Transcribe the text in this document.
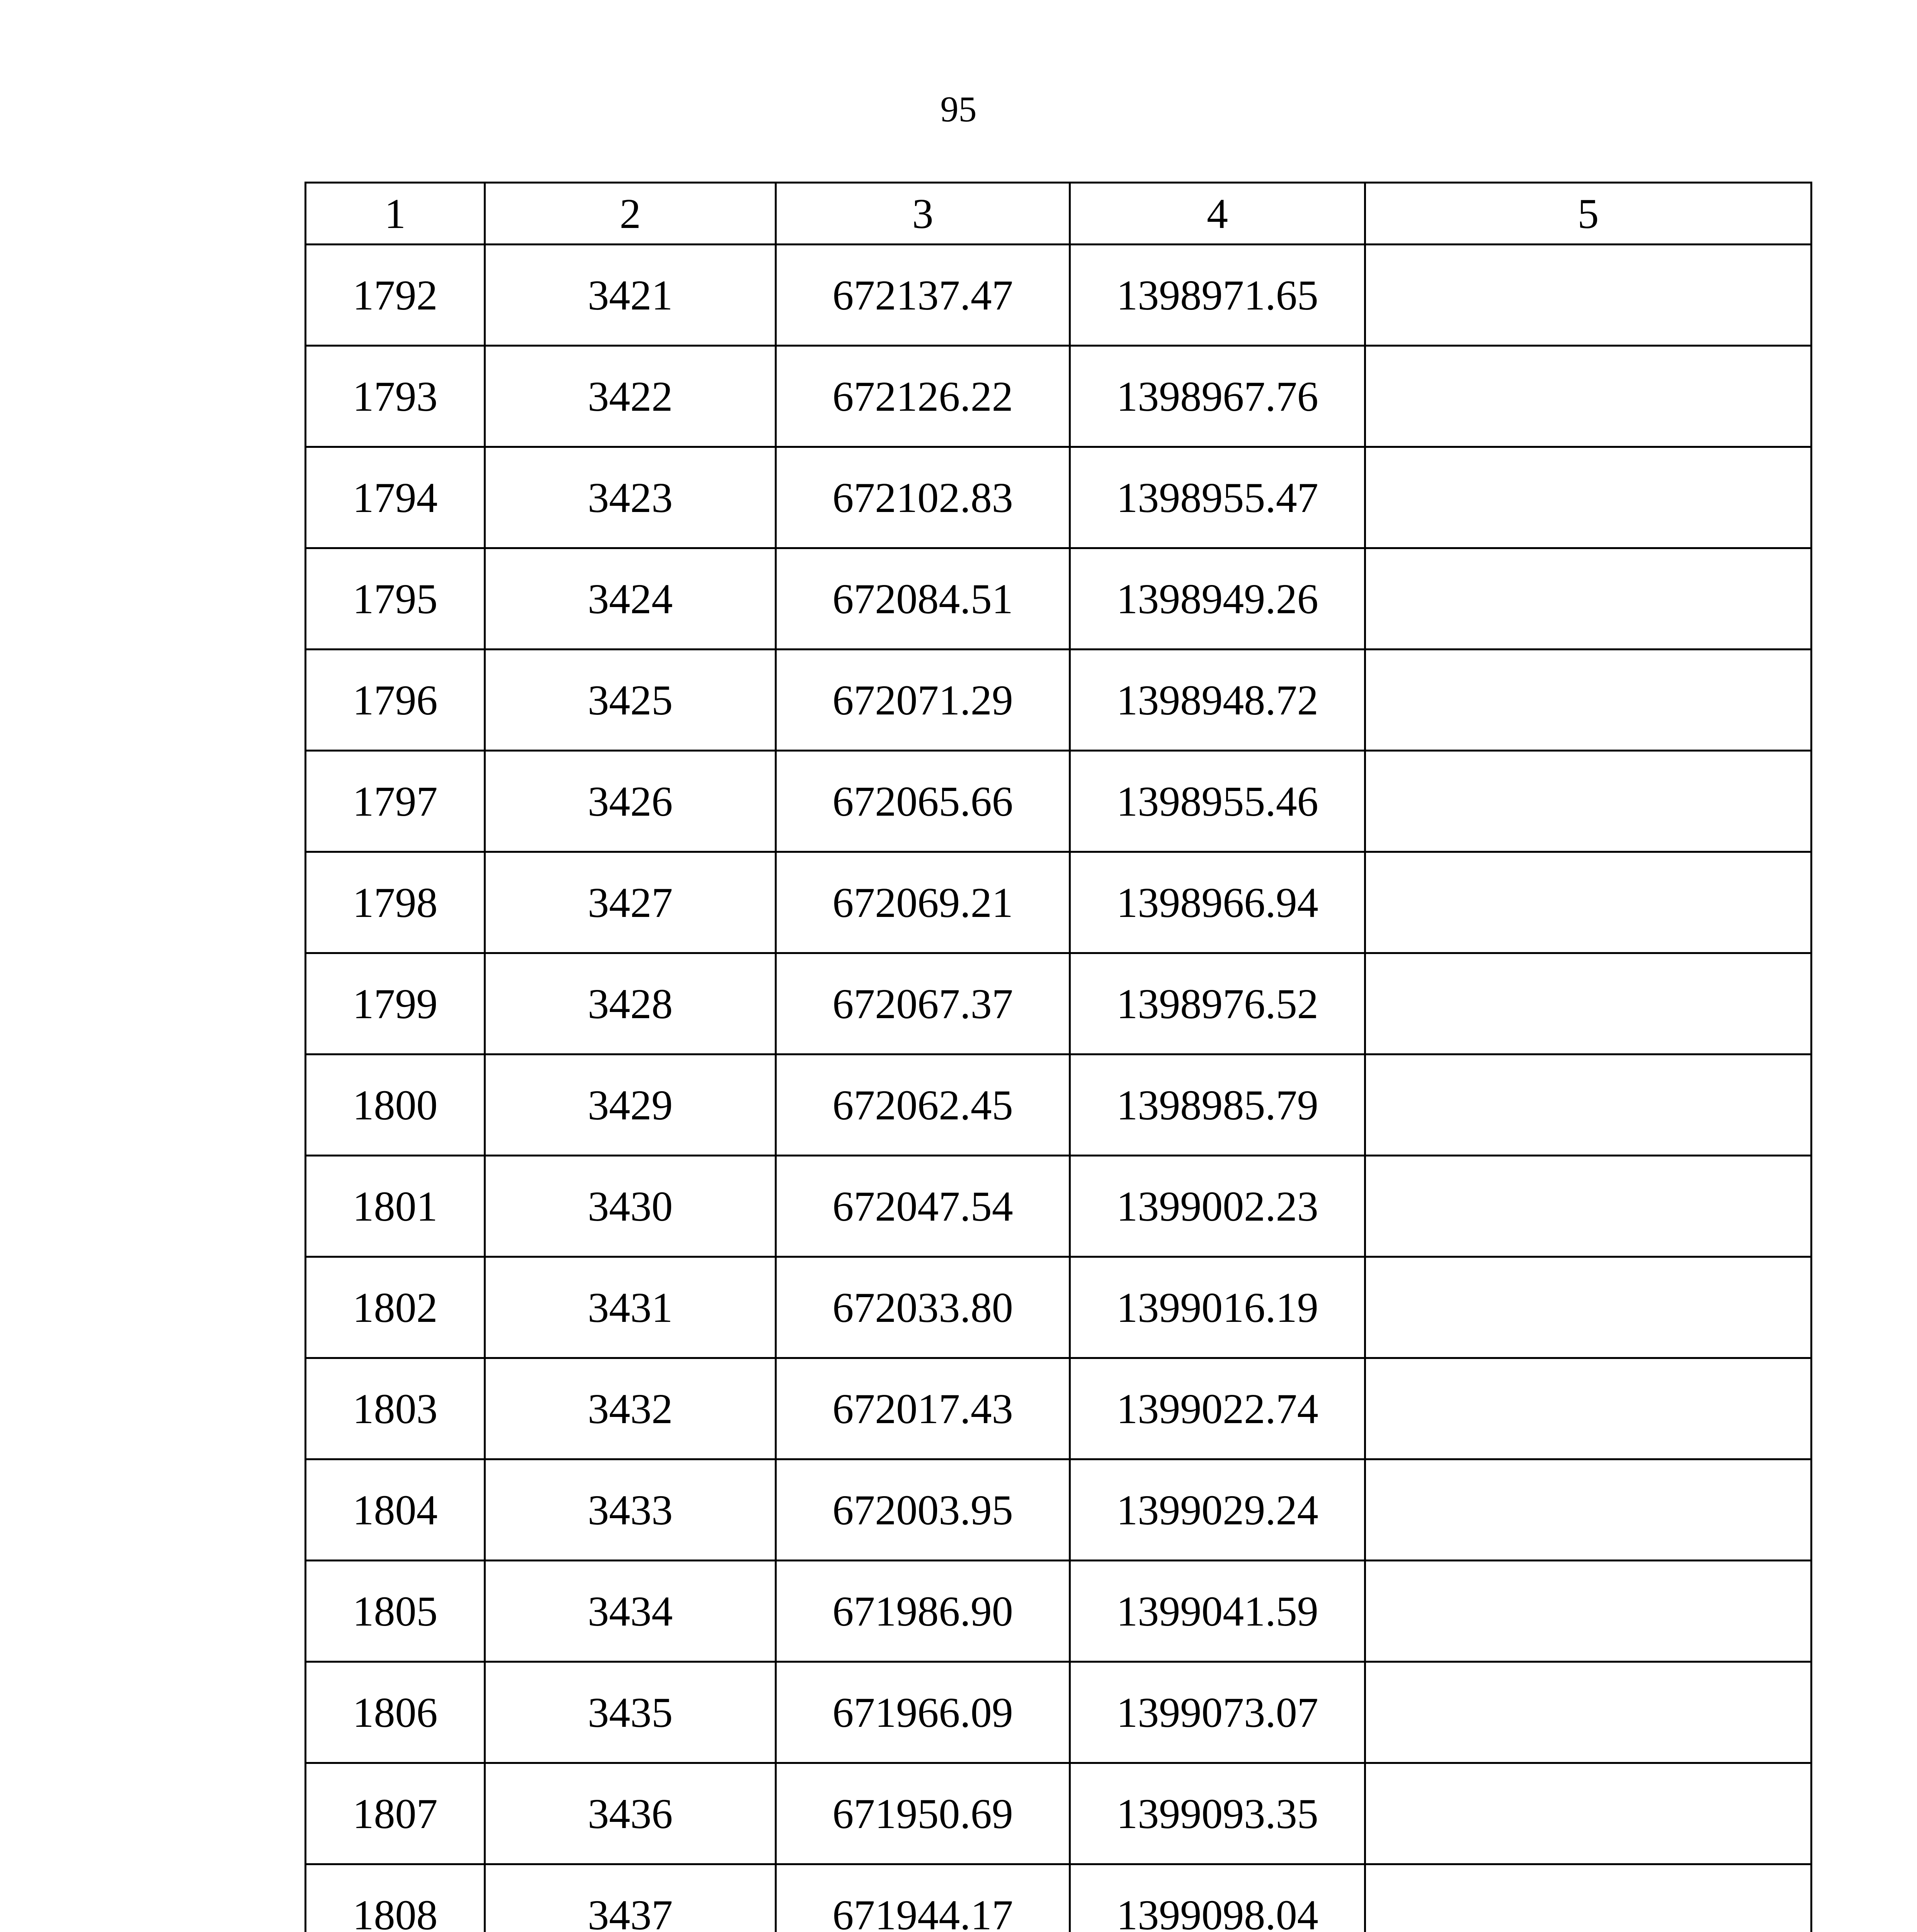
95
1	2	3	4	5
1792	3421	672137.47	1398971.65	
1793	3422	672126.22	1398967.76	
1794	3423	672102.83	1398955.47	
1795	3424	672084.51	1398949.26	
1796	3425	672071.29	1398948.72	
1797	3426	672065.66	1398955.46	
1798	3427	672069.21	1398966.94	
1799	3428	672067.37	1398976.52	
1800	3429	672062.45	1398985.79	
1801	3430	672047.54	1399002.23	
1802	3431	672033.80	1399016.19	
1803	3432	672017.43	1399022.74	
1804	3433	672003.95	1399029.24	
1805	3434	671986.90	1399041.59	
1806	3435	671966.09	1399073.07	
1807	3436	671950.69	1399093.35	
1808	3437	671944.17	1399098.04	
